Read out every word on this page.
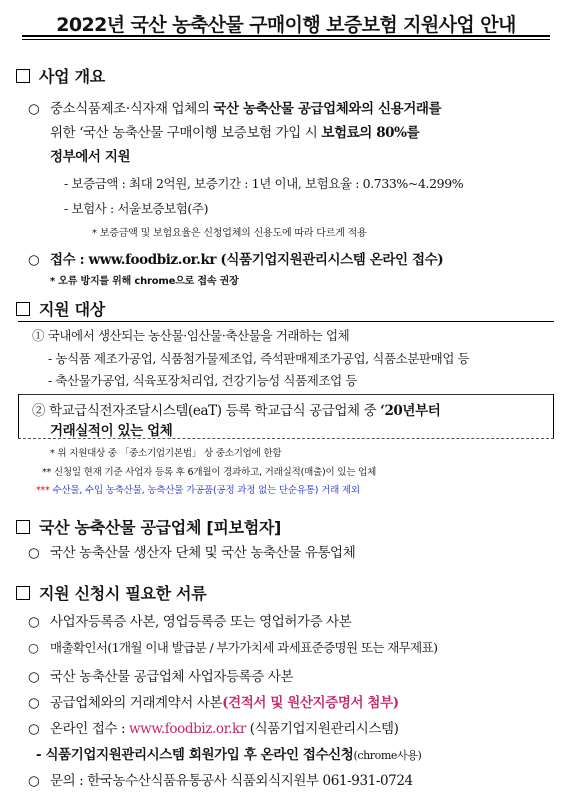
2022년 국산 농축산물 구매이행 보증보험 지원사업 안내
사업 개요
○ 중소식품제조·식자재 업체의 국산 농축산물 공급업체와의 신용거래를
위한 ‘국산 농축산물 구매이행 보증보험 가입 시 보험료의 80%를
정부에서 지원
- 보증금액 : 최대 2억원, 보증기간 : 1년 이내, 보험요율 : 0.733%~4.299%
- 보험사 : 서울보증보험(주)
* 보증금액 및 보험요율은 신청업체의 신용도에 따라 다르게 적용
○ 접수 : www.foodbiz.or.kr (식품기업지원관리시스템 온라인 접수)
* 오류 방지를 위해 chrome으로 접속 권장
지원 대상
① 국내에서 생산되는 농산물·임산물·축산물을 거래하는 업체
- 농식품 제조가공업, 식품첨가물제조업, 즉석판매제조가공업, 식품소분판매업 등
- 축산물가공업, 식육포장처리업, 건강기능성 식품제조업 등
② 학교급식전자조달시스템(eaT) 등록 학교급식 공급업체 중 ‘20년부터
거래실적이 있는 업체
* 위 지원대상 중 「중소기업기본법」 상 중소기업에 한함
** 신청일 현재 기준 사업자 등록 후 6개월이 경과하고, 거래실적(매출)이 있는 업체
*** 수산물, 수입 농축산물, 농축산물 가공품(공정 과정 없는 단순유통) 거래 제외
국산 농축산물 공급업체 [피보험자]
○ 국산 농축산물 생산자 단체 및 국산 농축산물 유통업체
지원 신청시 필요한 서류
○ 사업자등록증 사본, 영업등록증 또는 영업허가증 사본
○ 매출확인서(1개월 이내 발급분 / 부가가치세 과세표준증명원 또는 재무제표)
○ 국산 농축산물 공급업체 사업자등록증 사본
○ 공급업체와의 거래계약서 사본(견적서 및 원산지증명서 첨부)
○ 온라인 접수 : www.foodbiz.or.kr (식품기업지원관리시스템)
- 식품기업지원관리시스템 회원가입 후 온라인 접수신청(chrome사용)
○ 문의 : 한국농수산식품유통공사 식품외식지원부 061-931-0724
